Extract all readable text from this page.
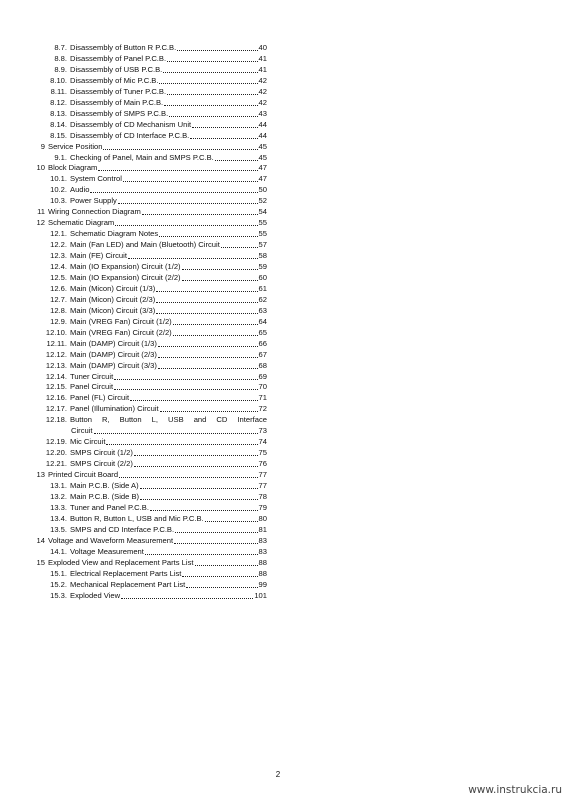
8.7. Disassembly of Button R P.C.B.	40
8.8. Disassembly of Panel P.C.B.	41
8.9. Disassembly of USB P.C.B.	41
8.10. Disassembly of Mic P.C.B.	42
8.11. Disassembly of Tuner P.C.B.	42
8.12. Disassembly of Main P.C.B.	42
8.13. Disassembly of SMPS P.C.B.	43
8.14. Disassembly of CD Mechanism Unit	44
8.15. Disassembly of CD Interface P.C.B.	44
9 Service Position	45
9.1. Checking of Panel, Main and SMPS P.C.B.	45
10 Block Diagram	47
10.1. System Control	47
10.2. Audio	50
10.3. Power Supply	52
11 Wiring Connection Diagram	54
12 Schematic Diagram	55
12.1. Schematic Diagram Notes	55
12.2. Main (Fan LED) and Main (Bluetooth) Circuit	57
12.3. Main (FE) Circuit	58
12.4. Main (IO Expansion) Circuit (1/2)	59
12.5. Main (IO Expansion) Circuit (2/2)	60
12.6. Main (Micon) Circuit (1/3)	61
12.7. Main (Micon) Circuit (2/3)	62
12.8. Main (Micon) Circuit (3/3)	63
12.9. Main (VREG Fan) Circuit (1/2)	64
12.10. Main (VREG Fan) Circuit (2/2)	65
12.11. Main (DAMP) Circuit (1/3)	66
12.12. Main (DAMP) Circuit (2/3)	67
12.13. Main (DAMP) Circuit (3/3)	68
12.14. Tuner Circuit	69
12.15. Panel Circuit	70
12.16. Panel (FL) Circuit	71
12.17. Panel (Illumination) Circuit	72
12.18. Button R, Button L, USB and CD Interface
Circuit	73
12.19. Mic Circuit	74
12.20. SMPS Circuit (1/2)	75
12.21. SMPS Circuit (2/2)	76
13 Printed Circuit Board	77
13.1. Main P.C.B. (Side A)	77
13.2. Main P.C.B. (Side B)	78
13.3. Tuner and Panel P.C.B.	79
13.4. Button R, Button L, USB and Mic P.C.B.	80
13.5. SMPS and CD Interface P.C.B.	81
14 Voltage and Waveform Measurement	83
14.1. Voltage Measurement	83
15 Exploded View and Replacement Parts List	88
15.1. Electrical Replacement Parts List	88
15.2. Mechanical Replacement Part List	99
15.3. Exploded View	101
2
www.instrukcia.ru
